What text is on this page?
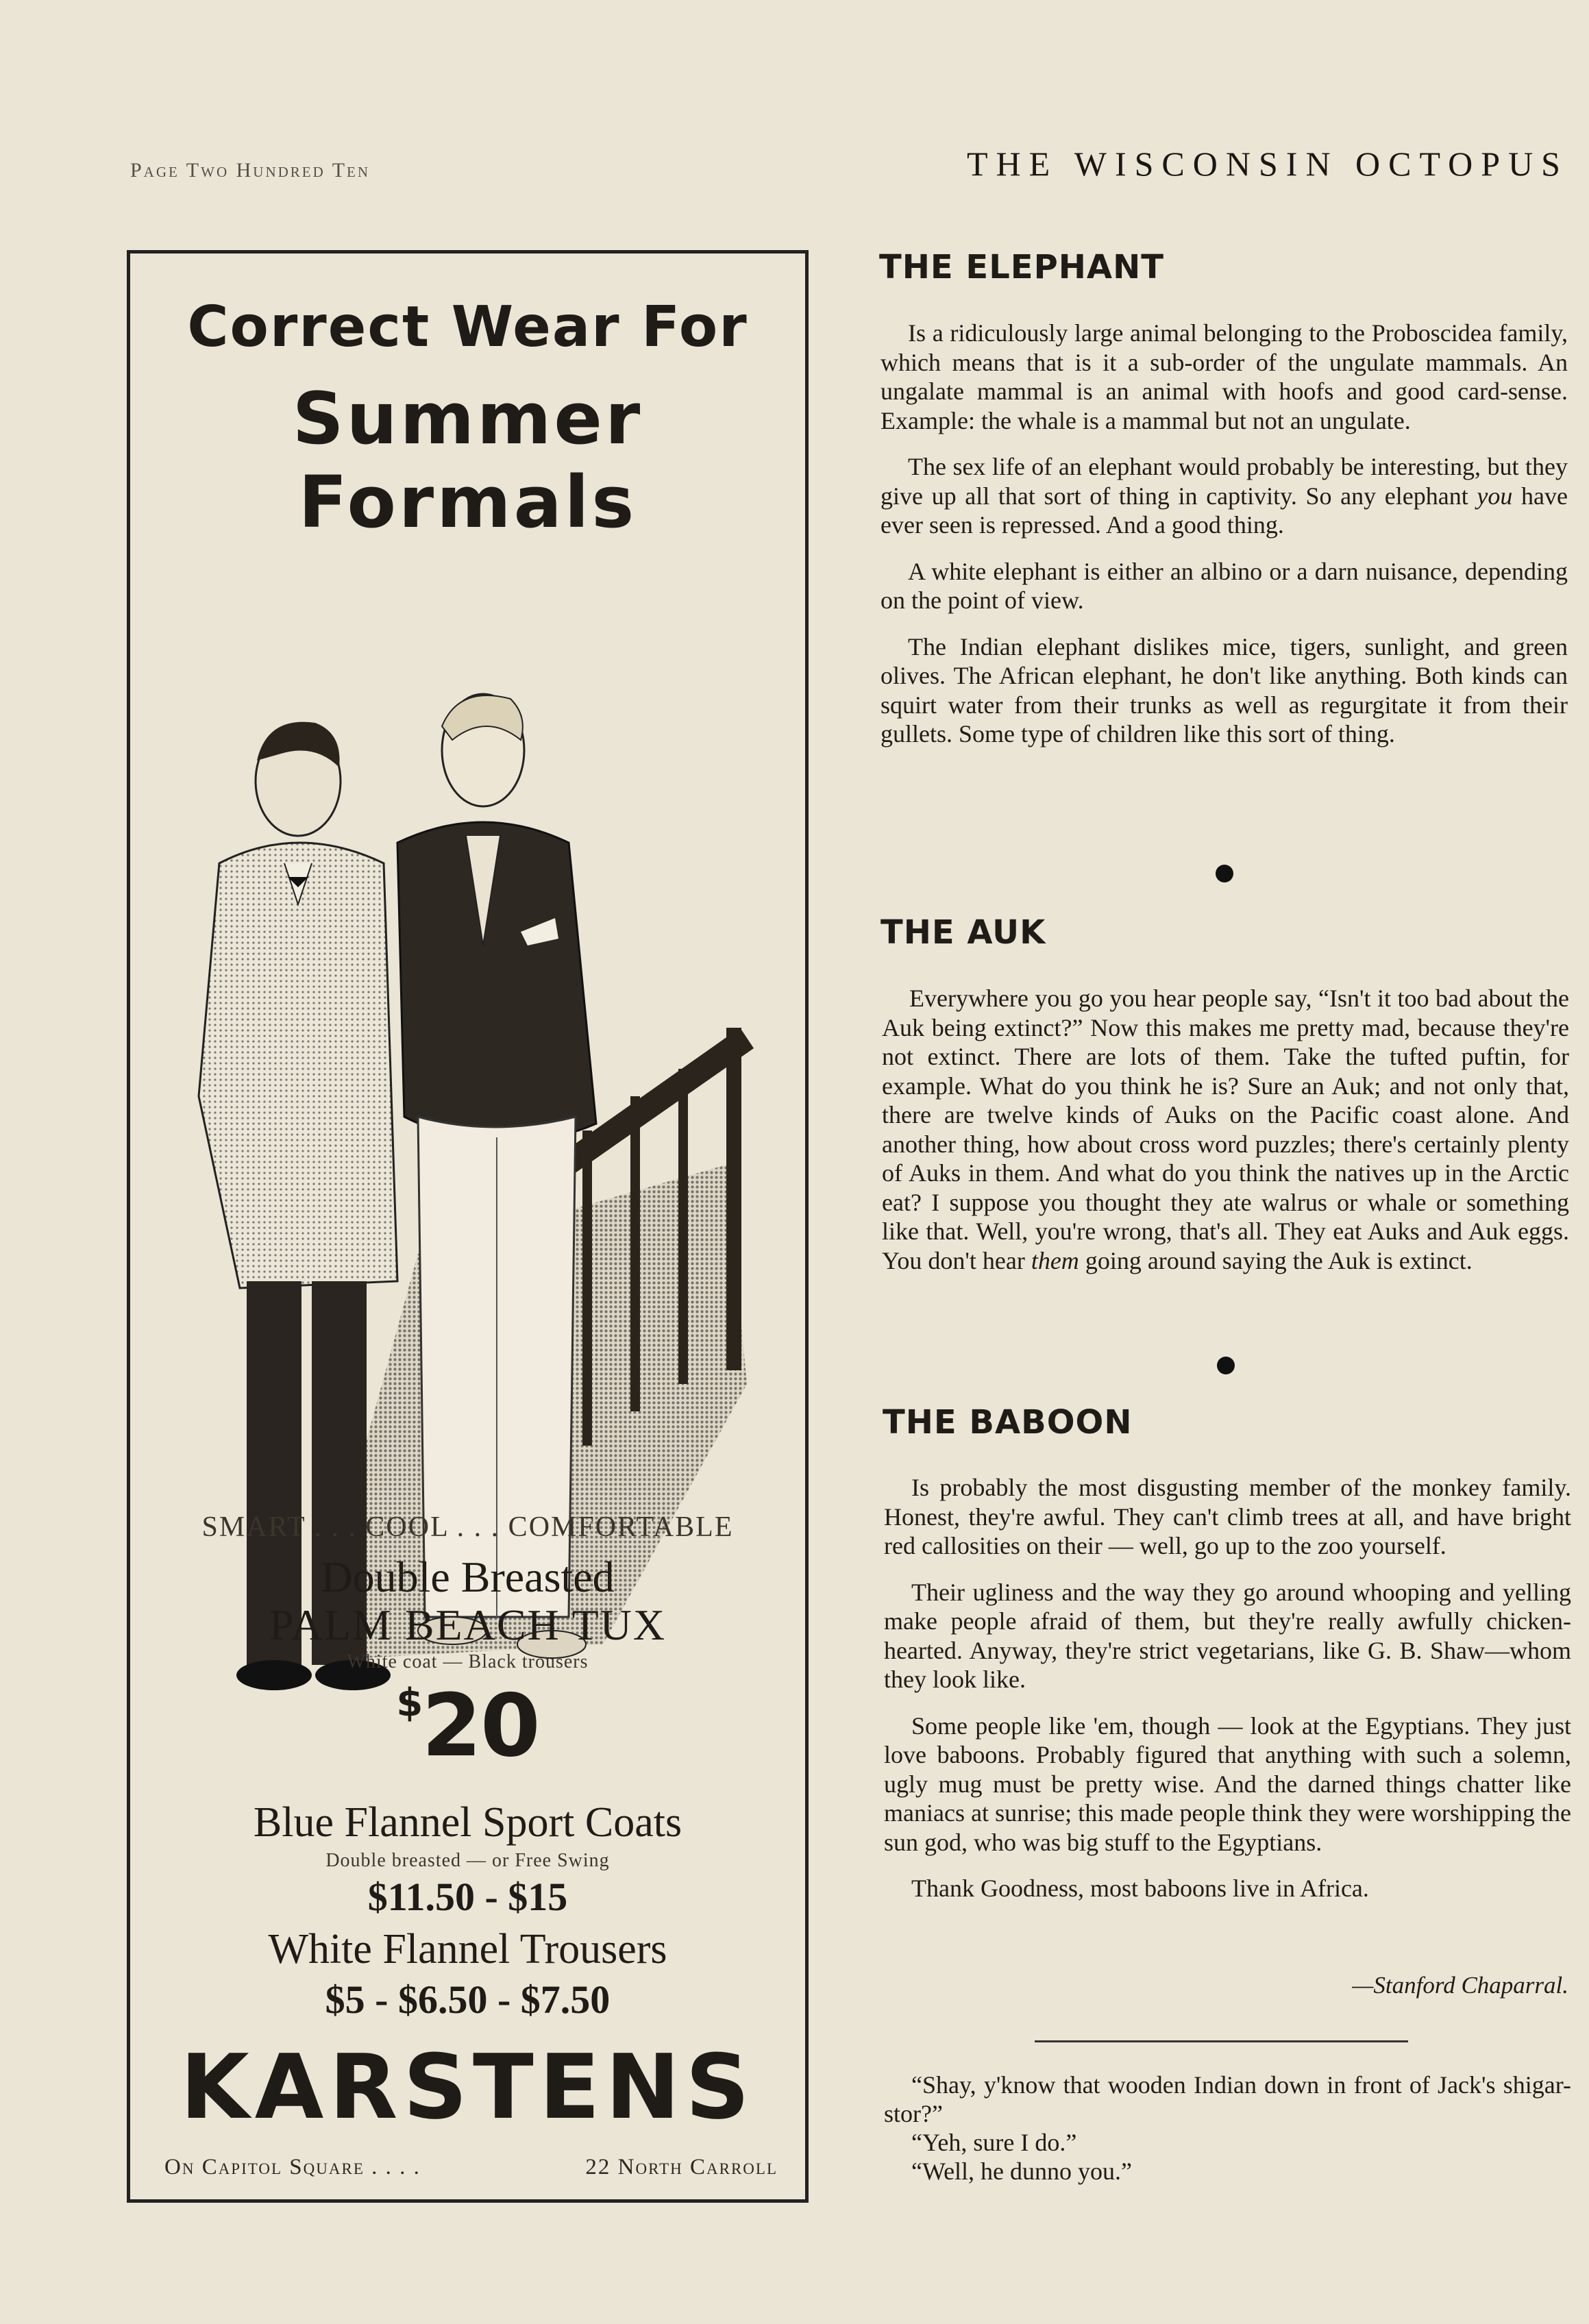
Page Two Hundred Ten	THE WISCONSIN OCTOPUS
Correct Wear For
Summer Formals
SMART . . . COOL . . . COMFORTABLE
Double Breasted
PALM BEACH TUX
White coat — Black trousers
$20
Blue Flannel Sport Coats
Double breasted — or Free Swing
$11.50 - $15
White Flannel Trousers
$5 - $6.50 - $7.50
KARSTENS
On Capitol Square . . . .	22 North Carroll
THE ELEPHANT

Is a ridiculously large animal belonging to the Proboscidea family, which means that is it a sub-order of the ungulate mammals. An ungalate mammal is an animal with hoofs and good card-sense. Example: the whale is a mammal but not an ungulate.

The sex life of an elephant would probably be interesting, but they give up all that sort of thing in captivity. So any elephant you have ever seen is repressed. And a good thing.

A white elephant is either an albino or a darn nuisance, depending on the point of view.

The Indian elephant dislikes mice, tigers, sunlight, and green olives. The African elephant, he don't like anything. Both kinds can squirt water from their trunks as well as regurgitate it from their gullets. Some type of children like this sort of thing.

THE AUK

Everywhere you go you hear people say, “Isn't it too bad about the Auk being extinct?” Now this makes me pretty mad, because they're not extinct. There are lots of them. Take the tufted puftin, for example. What do you think he is? Sure an Auk; and not only that, there are twelve kinds of Auks on the Pacific coast alone. And another thing, how about cross word puzzles; there's certainly plenty of Auks in them. And what do you think the natives up in the Arctic eat? I suppose you thought they ate walrus or whale or something like that. Well, you're wrong, that's all. They eat Auks and Auk eggs. You don't hear them going around saying the Auk is extinct.

THE BABOON

Is probably the most disgusting member of the monkey family. Honest, they're awful. They can't climb trees at all, and have bright red callosities on their — well, go up to the zoo yourself.

Their ugliness and the way they go around whooping and yelling make people afraid of them, but they're really awfully chicken-hearted. Anyway, they're strict vegetarians, like G. B. Shaw—whom they look like.

Some people like 'em, though — look at the Egyptians. They just love baboons. Probably figured that anything with such a solemn, ugly mug must be pretty wise. And the darned things chatter like maniacs at sunrise; this made people think they were worshipping the sun god, who was big stuff to the Egyptians.

Thank Goodness, most baboons live in Africa.

—Stanford Chaparral.

“Shay, y'know that wooden Indian down in front of Jack's shigar-stor?”

“Yeh, sure I do.”

“Well, he dunno you.”
